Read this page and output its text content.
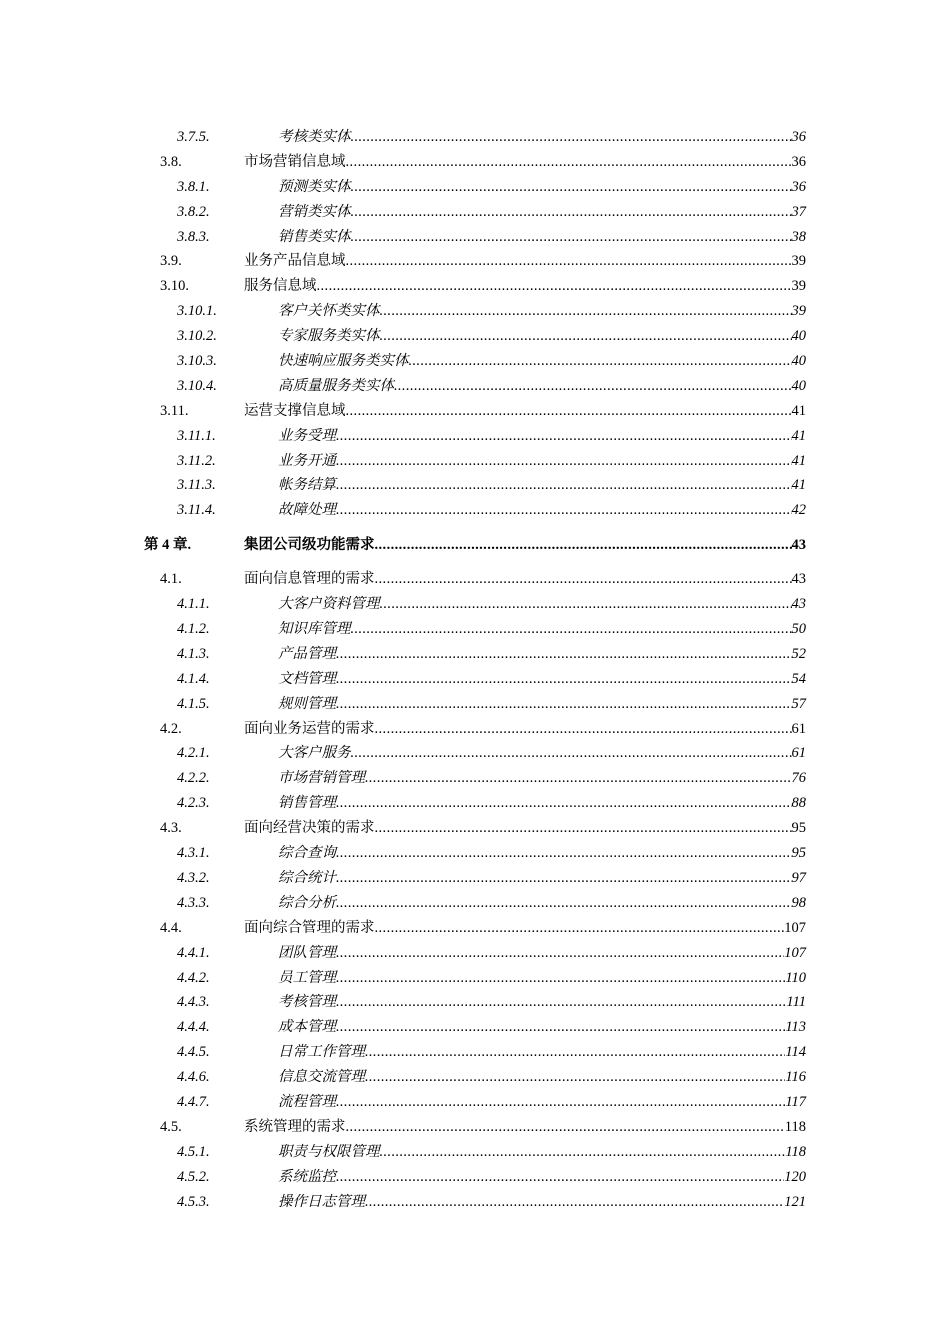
3.7.5.	考核类实体 .....	36
3.8.	市场营销信息域 .....	36
3.8.1.	预测类实体 .....	36
3.8.2.	营销类实体 .....	37
3.8.3.	销售类实体 .....	38
3.9.	业务产品信息域 .....	39
3.10.	服务信息域 .....	39
3.10.1.	客户关怀类实体 .....	39
3.10.2.	专家服务类实体 .....	40
3.10.3.	快速响应服务类实体 .....	40
3.10.4.	高质量服务类实体 .....	40
3.11.	运营支撑信息域 .....	41
3.11.1.	业务受理 .....	41
3.11.2.	业务开通 .....	41
3.11.3.	帐务结算 .....	41
3.11.4.	故障处理 .....	42
第 4 章.	集团公司级功能需求 .....	43
4.1.	面向信息管理的需求 .....	43
4.1.1.	大客户资料管理 .....	43
4.1.2.	知识库管理 .....	50
4.1.3.	产品管理 .....	52
4.1.4.	文档管理 .....	54
4.1.5.	规则管理 .....	57
4.2.	面向业务运营的需求 .....	61
4.2.1.	大客户服务 .....	61
4.2.2.	市场营销管理 .....	76
4.2.3.	销售管理 .....	88
4.3.	面向经营决策的需求 .....	95
4.3.1.	综合查询 .....	95
4.3.2.	综合统计 .....	97
4.3.3.	综合分析 .....	98
4.4.	面向综合管理的需求 .....	107
4.4.1.	团队管理 .....	107
4.4.2.	员工管理 .....	110
4.4.3.	考核管理 .....	111
4.4.4.	成本管理 .....	113
4.4.5.	日常工作管理 .....	114
4.4.6.	信息交流管理 .....	116
4.4.7.	流程管理 .....	117
4.5.	系统管理的需求 .....	118
4.5.1.	职责与权限管理 .....	118
4.5.2.	系统监控 .....	120
4.5.3.	操作日志管理 .....	121
